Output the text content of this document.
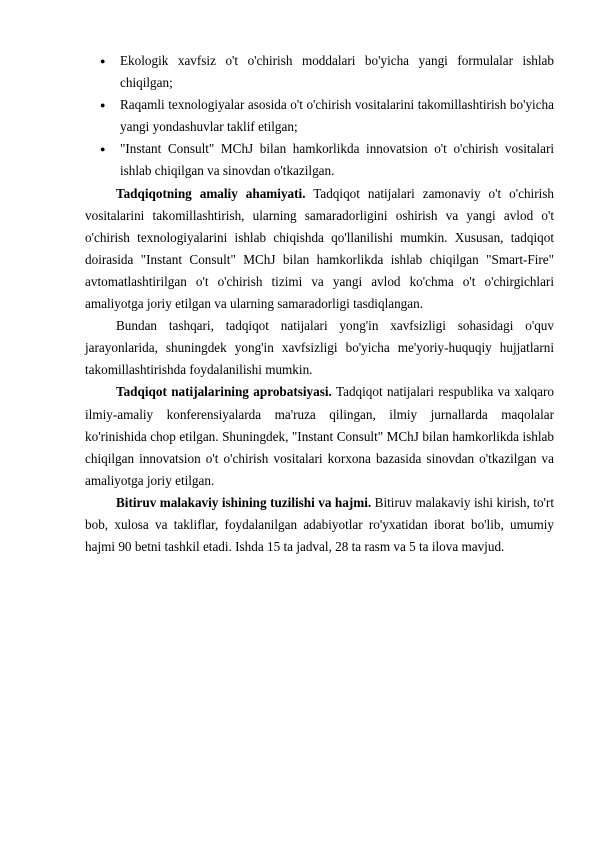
● Ekologik xavfsiz o't o'chirish moddalari bo'yicha yangi formulalar ishlab chiqilgan;
● Raqamli texnologiyalar asosida o't o'chirish vositalarini takomillashtirish bo'yicha yangi yondashuvlar taklif etilgan;
● "Instant Consult" MChJ bilan hamkorlikda innovatsion o't o'chirish vositalari ishlab chiqilgan va sinovdan o'tkazilgan.

Tadqiqotning amaliy ahamiyati. Tadqiqot natijalari zamonaviy o't o'chirish vositalarini takomillashtirish, ularning samaradorligini oshirish va yangi avlod o't o'chirish texnologiyalarini ishlab chiqishda qo'llanilishi mumkin. Xususan, tadqiqot doirasida "Instant Consult" MChJ bilan hamkorlikda ishlab chiqilgan "Smart-Fire" avtomatlashtirilgan o't o'chirish tizimi va yangi avlod ko'chma o't o'chirgichlari amaliyotga joriy etilgan va ularning samaradorligi tasdiqlangan.

Bundan tashqari, tadqiqot natijalari yong'in xavfsizligi sohasidagi o'quv jarayonlarida, shuningdek yong'in xavfsizligi bo'yicha me'yoriy-huquqiy hujjatlarni takomillashtirishda foydalanilishi mumkin.

Tadqiqot natijalarining aprobatsiyasi. Tadqiqot natijalari respublika va xalqaro ilmiy-amaliy konferensiyalarda ma'ruza qilingan, ilmiy jurnallarda maqolalar ko'rinishida chop etilgan. Shuningdek, "Instant Consult" MChJ bilan hamkorlikda ishlab chiqilgan innovatsion o't o'chirish vositalari korxona bazasida sinovdan o'tkazilgan va amaliyotga joriy etilgan.

Bitiruv malakaviy ishining tuzilishi va hajmi. Bitiruv malakaviy ishi kirish, to'rt bob, xulosa va takliflar, foydalanilgan adabiyotlar ro'yxatidan iborat bo'lib, umumiy hajmi 90 betni tashkil etadi. Ishda 15 ta jadval, 28 ta rasm va 5 ta ilova mavjud.
